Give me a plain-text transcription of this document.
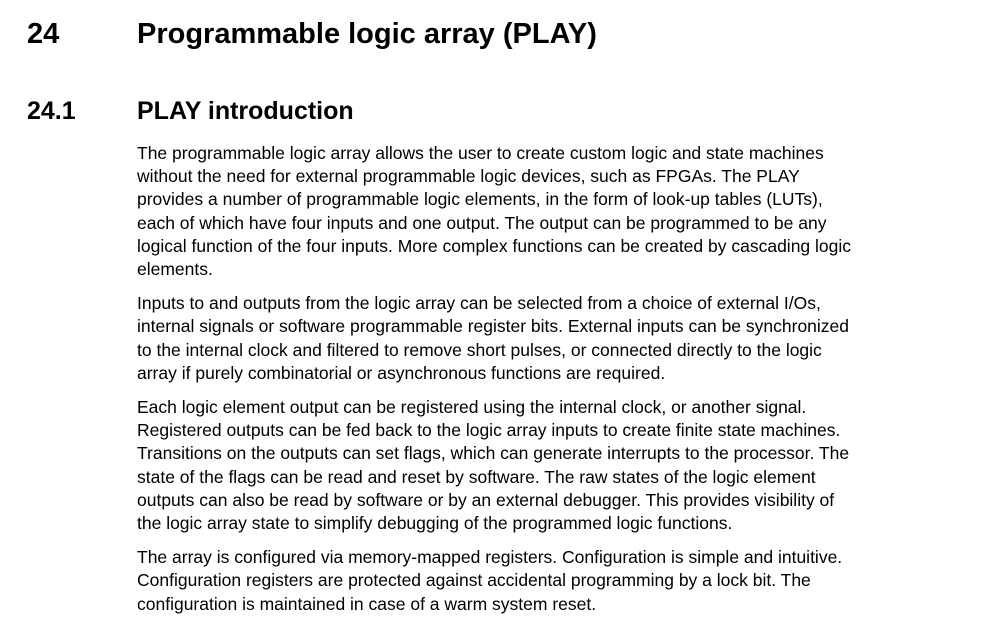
24	Programmable logic array (PLAY)
24.1 PLAY introduction

The programmable logic array allows the user to create custom logic and state machines
without the need for external programmable logic devices, such as FPGAs. The PLAY
provides a number of programmable logic elements, in the form of look-up tables (LUTs),
each of which have four inputs and one output. The output can be programmed to be any
logical function of the four inputs. More complex functions can be created by cascading logic
elements.

Inputs to and outputs from the logic array can be selected from a choice of external I/Os,
internal signals or software programmable register bits. External inputs can be synchronized
to the internal clock and filtered to remove short pulses, or connected directly to the logic
array if purely combinatorial or asynchronous functions are required.

Each logic element output can be registered using the internal clock, or another signal.
Registered outputs can be fed back to the logic array inputs to create finite state machines.
Transitions on the outputs can set flags, which can generate interrupts to the processor. The
state of the flags can be read and reset by software. The raw states of the logic element
outputs can also be read by software or by an external debugger. This provides visibility of
the logic array state to simplify debugging of the programmed logic functions.

The array is configured via memory-mapped registers. Configuration is simple and intuitive.
Configuration registers are protected against accidental programming by a lock bit. The
configuration is maintained in case of a warm system reset.
